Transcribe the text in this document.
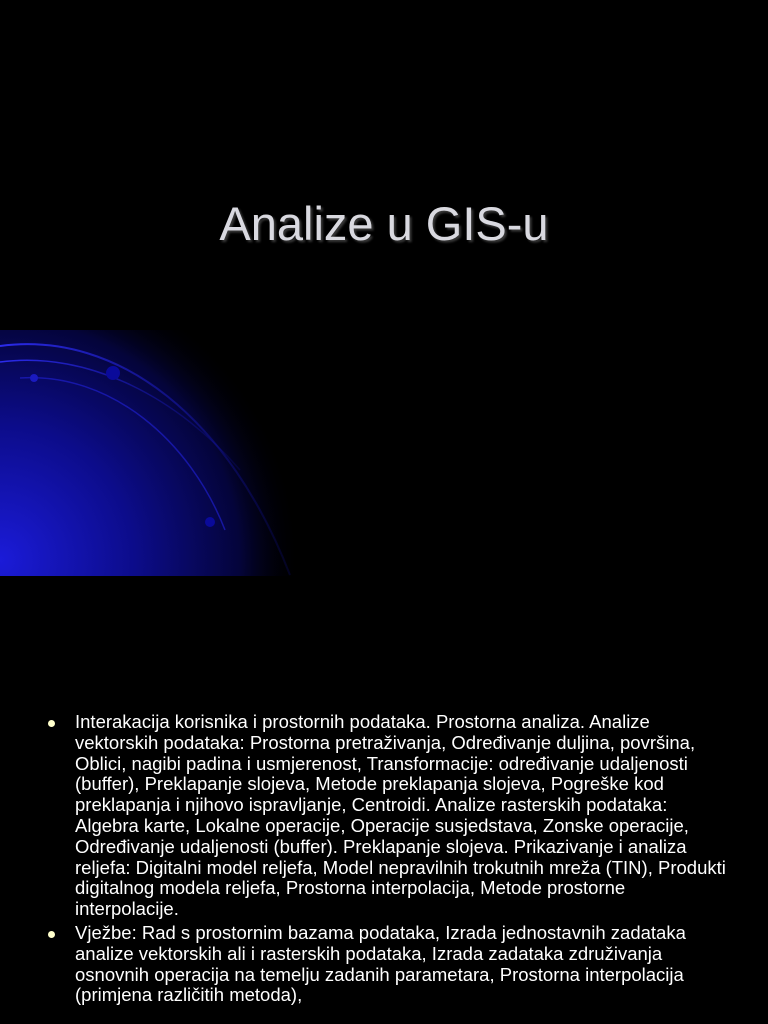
Analize u GIS-u
Interakacija korisnika i prostornih podataka. Prostorna analiza. Analize vektorskih podataka: Prostorna pretraživanja, Određivanje duljina, površina, Oblici, nagibi padina i usmjerenost, Transformacije: određivanje udaljenosti (buffer), Preklapanje slojeva, Metode preklapanja slojeva, Pogreške kod preklapanja i njihovo ispravljanje, Centroidi. Analize rasterskih podataka: Algebra karte, Lokalne operacije, Operacije susjedstava, Zonske operacije, Određivanje udaljenosti (buffer). Preklapanje slojeva. Prikazivanje i analiza reljefa: Digitalni model reljefa, Model nepravilnih trokutnih mreža (TIN), Produkti digitalnog modela reljefa, Prostorna interpolacija, Metode prostorne interpolacije.
Vježbe: Rad s prostornim bazama podataka, Izrada jednostavnih zadataka analize vektorskih ali i rasterskih podataka, Izrada zadataka združivanja osnovnih operacija na temelju zadanih parametara, Prostorna interpolacija (primjena različitih metoda),
